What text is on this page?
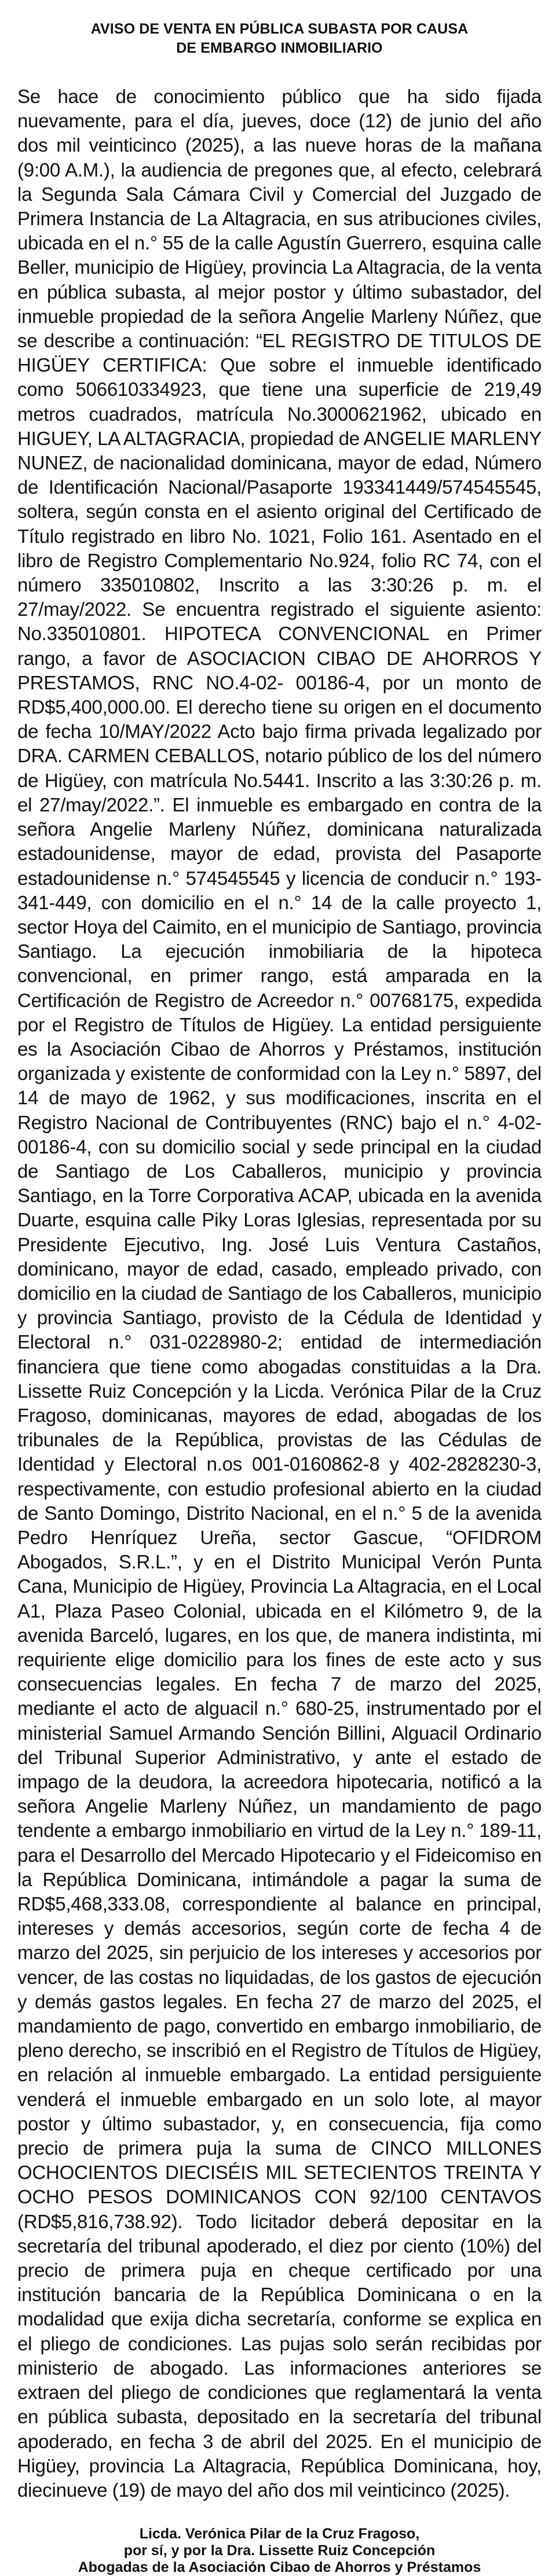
AVISO DE VENTA EN PÚBLICA SUBASTA POR CAUSA
DE EMBARGO INMOBILIARIO

Se hace de conocimiento público que ha sido fijada nuevamente, para el día, jueves, doce (12) de junio del año dos mil veinticinco (2025), a las nueve horas de la mañana (9:00 A.M.), la audiencia de pregones que, al efecto, celebrará la Segunda Sala Cámara Civil y Comercial del Juzgado de Primera Instancia de La Altagracia, en sus atribuciones civiles, ubicada en el n.° 55 de la calle Agustín Guerrero, esquina calle Beller, municipio de Higüey, provincia La Altagracia, de la venta en pública subasta, al mejor postor y último subastador, del inmueble propiedad de la señora Angelie Marleny Núñez, que se describe a continuación: “EL REGISTRO DE TITULOS DE HIGÜEY CERTIFICA: Que sobre el inmueble identificado como 506610334923, que tiene una superficie de 219,49 metros cuadrados, matrícula No.3000621962, ubicado en HIGUEY, LA ALTAGRACIA, propiedad de ANGELIE MARLENY NUNEZ, de nacionalidad dominicana, mayor de edad, Número de Identificación Nacional/Pasaporte 193341449/574545545, soltera, según consta en el asiento original del Certificado de Título registrado en libro No. 1021, Folio 161. Asentado en el libro de Registro Complementario No.924, folio RC 74, con el número 335010802, Inscrito a las 3:30:26 p. m. el 27/may/2022. Se encuentra registrado el siguiente asiento: No.335010801. HIPOTECA CONVENCIONAL en Primer rango, a favor de ASOCIACION CIBAO DE AHORROS Y PRESTAMOS, RNC NO.4-02- 00186-4, por un monto de RD$5,400,000.00. El derecho tiene su origen en el documento de fecha 10/MAY/2022 Acto bajo firma privada legalizado por DRA. CARMEN CEBALLOS, notario público de los del número de Higüey, con matrícula No.5441. Inscrito a las 3:30:26 p. m. el 27/may/2022.”. El inmueble es embargado en contra de la señora Angelie Marleny Núñez, dominicana naturalizada estadounidense, mayor de edad, provista del Pasaporte estadounidense n.° 574545545 y licencia de conducir n.° 193-341-449, con domicilio en el n.° 14 de la calle proyecto 1, sector Hoya del Caimito, en el municipio de Santiago, provincia Santiago. La ejecución inmobiliaria de la hipoteca convencional, en primer rango, está amparada en la Certificación de Registro de Acreedor n.° 00768175, expedida por el Registro de Títulos de Higüey. La entidad persiguiente es la Asociación Cibao de Ahorros y Préstamos, institución organizada y existente de conformidad con la Ley n.° 5897, del 14 de mayo de 1962, y sus modificaciones, inscrita en el Registro Nacional de Contribuyentes (RNC) bajo el n.° 4-02-00186-4, con su domicilio social y sede principal en la ciudad de Santiago de Los Caballeros, municipio y provincia Santiago, en la Torre Corporativa ACAP, ubicada en la avenida Duarte, esquina calle Piky Loras Iglesias, representada por su Presidente Ejecutivo, Ing. José Luis Ventura Castaños, dominicano, mayor de edad, casado, empleado privado, con domicilio en la ciudad de Santiago de los Caballeros, municipio y provincia Santiago, provisto de la Cédula de Identidad y Electoral n.° 031-0228980-2; entidad de intermediación financiera que tiene como abogadas constituidas a la Dra. Lissette Ruiz Concepción y la Licda. Verónica Pilar de la Cruz Fragoso, dominicanas, mayores de edad, abogadas de los tribunales de la República, provistas de las Cédulas de Identidad y Electoral n.os 001-0160862-8 y 402-2828230-3, respectivamente, con estudio profesional abierto en la ciudad de Santo Domingo, Distrito Nacional, en el n.° 5 de la avenida Pedro Henríquez Ureña, sector Gascue, “OFIDROM Abogados, S.R.L.”, y en el Distrito Municipal Verón Punta Cana, Municipio de Higüey, Provincia La Altagracia, en el Local A1, Plaza Paseo Colonial, ubicada en el Kilómetro 9, de la avenida Barceló, lugares, en los que, de manera indistinta, mi requiriente elige domicilio para los fines de este acto y sus consecuencias legales. En fecha 7 de marzo del 2025, mediante el acto de alguacil n.° 680-25, instrumentado por el ministerial Samuel Armando Sención Billini, Alguacil Ordinario del Tribunal Superior Administrativo, y ante el estado de impago de la deudora, la acreedora hipotecaria, notificó a la señora Angelie Marleny Núñez, un mandamiento de pago tendente a embargo inmobiliario en virtud de la Ley n.° 189-11, para el Desarrollo del Mercado Hipotecario y el Fideicomiso en la República Dominicana, intimándole a pagar la suma de RD$5,468,333.08, correspondiente al balance en principal, intereses y demás accesorios, según corte de fecha 4 de marzo del 2025, sin perjuicio de los intereses y accesorios por vencer, de las costas no liquidadas, de los gastos de ejecución y demás gastos legales. En fecha 27 de marzo del 2025, el mandamiento de pago, convertido en embargo inmobiliario, de pleno derecho, se inscribió en el Registro de Títulos de Higüey, en relación al inmueble embargado. La entidad persiguiente venderá el inmueble embargado en un solo lote, al mayor postor y último subastador, y, en consecuencia, fija como precio de primera puja la suma de CINCO MILLONES OCHOCIENTOS DIECISÉIS MIL SETECIENTOS TREINTA Y OCHO PESOS DOMINICANOS CON 92/100 CENTAVOS (RD$5,816,738.92). Todo licitador deberá depositar en la secretaría del tribunal apoderado, el diez por ciento (10%) del precio de primera puja en cheque certificado por una institución bancaria de la República Dominicana o en la modalidad que exija dicha secretaría, conforme se explica en el pliego de condiciones. Las pujas solo serán recibidas por ministerio de abogado. Las informaciones anteriores se extraen del pliego de condiciones que reglamentará la venta en pública subasta, depositado en la secretaría del tribunal apoderado, en fecha 3 de abril del 2025. En el municipio de Higüey, provincia La Altagracia, República Dominicana, hoy, diecinueve (19) de mayo del año dos mil veinticinco (2025).

Licda. Verónica Pilar de la Cruz Fragoso,
por sí, y por la Dra. Lissette Ruiz Concepción
Abogadas de la Asociación Cibao de Ahorros y Préstamos
